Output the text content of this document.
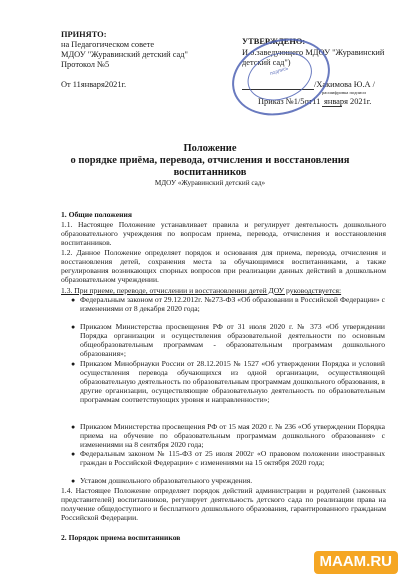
ПРИНЯТО:
на Педагогическом совете
МДОУ "Журавинский детский сад"
Протокол №5
От 11января2021г.
УТВЕРЖДЕНО:
И.о.заведующего МДОУ "Журавинский
детский сад")
/Хакимова Ю.А /
расшифровка подписи
Приказ №1/5от11 января 2021г.
подпись
Положение
о порядке приёма, перевода, отчисления и восстановления
воспитанников
МДОУ «Журавинский детский сад»
1. Общие положения
1.1. Настоящее Положение устанавливает правила и регулирует деятельность дошкольного образовательного учреждения по вопросам приема, перевода, отчисления и восстановления воспитанников.
1.2. Данное Положение определяет порядок и основания для приема, перевода, отчисления и восстановления детей, сохранения места за обучающимися воспитанниками, а также регулирования возникающих спорных вопросов при реализации данных действий в дошкольном образовательном учреждении.
1.3. При приеме, переводе, отчислении и восстановлении детей ДОУ руководствуется:
● Федеральным законом от 29.12.2012г. №273-ФЗ «Об образовании в Российской Федерации» с изменениями от 8 декабря 2020 года;
● Приказом Министерства просвещения РФ от 31 июля 2020 г. № 373 «Об утверждении Порядка организации и осуществления образовательной деятельности по основным общеобразовательным программам - образовательным программам дошкольного образования»;
● Приказом Минобрнауки России от 28.12.2015 № 1527 «Об утверждении Порядка и условий осуществления перевода обучающихся из одной организации, осуществляющей образовательную деятельность по образовательным программам дошкольного образования, в другие организации, осуществляющие образовательную деятельность по образовательным программам соответствующих уровня и направленности»;
● Приказом Министерства просвещения РФ от 15 мая 2020 г. № 236 «Об утверждении Порядка приема на обучение по образовательным программам дошкольного образования» с изменениями на 8 сентября 2020 года;
● Федеральным законом № 115-ФЗ от 25 июля 2002г «О правовом положении иностранных граждан в Российской Федерации» с изменениями на 15 октября 2020 года;
● Уставом дошкольного образовательного учреждения.
1.4. Настоящее Положение определяет порядок действий администрации и родителей (законных представителей) воспитанников, регулирует деятельность детского сада по реализации права на получение общедоступного и бесплатного дошкольного образования, гарантированного гражданам Российской Федерации.
2. Порядок приема воспитанников
MAAM.RU
